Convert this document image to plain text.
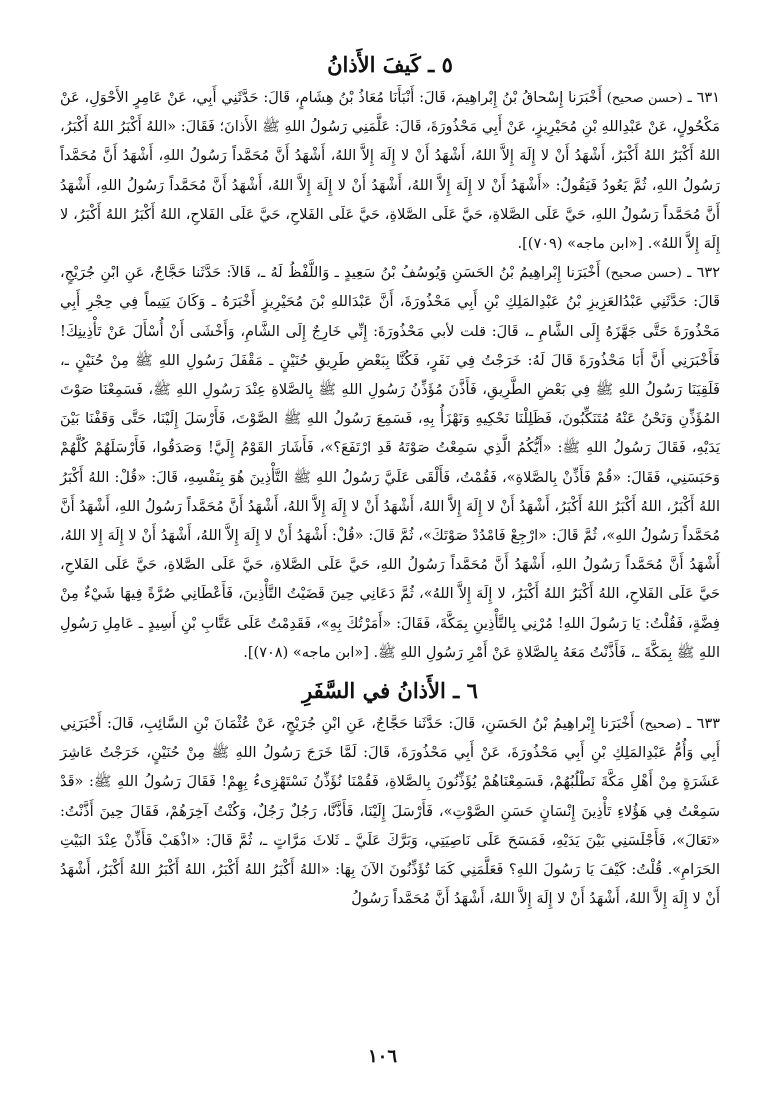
٥ ـ كَيفَ الأَذانُ

٦٣١ ـ (حسن صحيح) أَخْبَرَنا إِسْحاقُ بْنُ إِبْراهِيمَ، قَالَ: أَنْبَأَنَا مُعَاذُ بْنُ هِشَامٍ، قَالَ: حَدَّثَنِي أَبِي، عَنْ عَامِرٍ الأَحْوَلِ، عَنْ مَكْحُولٍ، عَنْ عَبْدِاللهِ بْنِ مُحَيْرِيزٍ، عَنْ أَبِي مَحْذُورَةَ، قَالَ: عَلَّمَنِي رَسُولُ اللهِ ﷺ الأَذانَ؛ فَقَالَ: «اللهُ أَكْبَرُ اللهُ أَكْبَرُ، اللهُ أَكْبَرُ اللهُ أَكْبَرُ، أَشْهَدُ أَنْ لا إِلَهَ إِلاَّ اللهُ، أَشْهَدُ أَنْ لا إِلَهَ إِلاَّ اللهُ، أَشْهَدُ أَنَّ مُحَمَّداً رَسُولُ اللهِ، أَشْهَدُ أَنَّ مُحَمَّداً رَسُولُ اللهِ، ثُمَّ يَعُودُ فَيَقُولُ: «أَشْهَدُ أَنْ لا إِلَهَ إِلاَّ اللهُ، أَشْهَدُ أَنْ لا إِلَهَ إِلاَّ اللهُ، أَشْهَدُ أَنَّ مُحَمَّداً رَسُولُ اللهِ، أَشْهَدُ أَنَّ مُحَمَّداً رَسُولُ اللهِ، حَيَّ عَلَى الصَّلاةِ، حَيَّ عَلَى الصَّلاةِ، حَيَّ عَلَى الفَلاحِ، حَيَّ عَلَى الفَلاحِ، اللهُ أَكْبَرُ اللهُ أَكْبَرُ، لا إِلَهَ إِلاَّ اللهُ». [«ابن ماجه» (٧٠٩)].

٦٣٢ ـ (حسن صحيح) أَخْبَرَنا إِبْراهِيمُ بْنُ الحَسَنِ وَيُوسُفُ بْنُ سَعِيدٍ ـ وَاللَّفْظُ لَهُ ـ، قَالاَ: حَدَّثَنا حَجَّاجٌ، عَنِ ابْنِ جُرَيْجٍ، قَالَ: حَدَّثَنِي عَبْدُالعَزِيزِ بْنُ عَبْدِالمَلِكِ بْنِ أَبِي مَحْذُورَةَ، أَنَّ عَبْدَاللهِ بْنَ مُحَيْرِيزٍ أَخْبَرَهُ ـ وَكَانَ يَتِيماً فِي حِجْرِ أَبِي مَحْذُورَةَ حَتَّى جَهَّزَهُ إِلَى الشَّامِ ـ، قَالَ: قلت لأبي مَحْذُورَةَ: إِنِّي خَارِجٌ إِلَى الشَّامِ، وَأَخْشَى أَنْ أُسْأَلَ عَنْ تَأْذِينِكَ! فَأَخْبَرَنِي أَنَّ أَبَا مَحْذُورَةَ قَالَ لَهُ: خَرَجْتُ فِي نَفَرٍ، فَكُنَّا بِبَعْضِ طَرِيقِ حُنَيْنٍ ـ مَقْفَلَ رَسُولِ اللهِ ﷺ مِنْ حُنَيْنٍ ـ، فَلَقِيَنَا رَسُولُ اللهِ ﷺ فِي بَعْضِ الطَّرِيقِ، فَأَذَّنَ مُؤَذِّنُ رَسُولِ اللهِ ﷺ بِالصَّلاةِ عِنْدَ رَسُولِ اللهِ ﷺ، فَسَمِعْنَا صَوْتَ المُؤَذِّنِ وَنَحْنُ عَنْهُ مُتَنَكِّبُونَ، فَظَلِلْنَا نَحْكِيهِ وَنَهْزَأُ بِهِ، فَسَمِعَ رَسُولُ اللهِ ﷺ الصَّوْتَ، فَأَرْسَلَ إِلَيْنَا، حَتَّى وَقَفْنَا بَيْنَ يَدَيْهِ، فَقَالَ رَسُولُ اللهِ ﷺ: «أَيُّكُمُ الَّذِي سَمِعْتُ صَوْتَهُ قَدِ ارْتَفَعَ؟»، فَأَشَارَ القَوْمُ إِلَيَّ! وَصَدَقُوا، فَأَرْسَلَهُمْ كُلَّهُمْ وَحَبَسَنِي، فَقَالَ: «قُمْ فَأَذِّنْ بِالصَّلاةِ»، فَقُمْتُ، فَأَلْقَى عَلَيَّ رَسُولُ اللهِ ﷺ التَّأْذِينَ هُوَ بِنَفْسِهِ، قَالَ: «قُلْ: اللهُ أَكْبَرُ اللهُ أَكْبَرُ، اللهُ أَكْبَرُ اللهُ أَكْبَرُ، أَشْهَدُ أَنْ لا إِلَهَ إِلاَّ اللهُ، أَشْهَدُ أَنْ لا إِلَهَ إِلاَّ اللهُ، أَشْهَدُ أَنَّ مُحَمَّداً رَسُولُ اللهِ، أَشْهَدُ أَنَّ مُحَمَّداً رَسُولُ اللهِ»، ثُمَّ قَالَ: «ارْجِعْ فَامْدُدْ صَوْتَكَ»، ثُمَّ قَالَ: «قُلْ: أَشْهَدُ أَنْ لا إِلَهَ إِلاَّ اللهُ، أَشْهَدُ أَنْ لا إِلَهَ إِلا اللهُ، أَشْهَدُ أَنَّ مُحَمَّداً رَسُولُ اللهِ، أَشْهَدُ أَنَّ مُحَمَّداً رَسُولُ اللهِ، حَيَّ عَلَى الصَّلاةِ، حَيَّ عَلَى الصَّلاةِ، حَيَّ عَلَى الفَلاحِ، حَيَّ عَلَى الفَلاحِ، اللهُ أَكْبَرُ اللهُ أَكْبَرُ، لا إِلَهَ إِلاَّ اللهُ»، ثُمَّ دَعَانِي حِينَ قَضَيْتُ التَّأْذِينَ، فَأَعْطَانِي صُرَّةً فِيهَا شَيْءٌ مِنْ فِضَّةٍ، فَقُلْتُ: يَا رَسُولَ اللهِ! مُرْنِي بِالتَّأْذِينِ بِمَكَّةَ، فَقَالَ: «أَمَرْتُكَ بِهِ»، فَقَدِمْتُ عَلَى عَتَّابِ بْنِ أَسِيدٍ ـ عَامِلِ رَسُولِ اللهِ ﷺ بِمَكَّةَ ـ، فَأَذَّنْتُ مَعَهُ بِالصَّلاةِ عَنْ أَمْرِ رَسُولِ اللهِ ﷺ. [«ابن ماجه» (٧٠٨)].

٦ ـ الأَذانُ في السَّفَرِ

٦٣٣ ـ (صحيح) أَخْبَرَنا إِبْراهِيمُ بْنُ الحَسَنِ، قَالَ: حَدَّثَنا حَجَّاجٌ، عَنِ ابْنِ جُرَيْجٍ، عَنْ عُثْمَانَ بْنِ السَّائِبِ، قَالَ: أَخْبَرَنِي أَبِي وَأُمُّ عَبْدِالمَلِكِ بْنِ أَبِي مَحْذُورَةَ، عَنْ أَبِي مَحْذُورَةَ، قَالَ: لَمَّا خَرَجَ رَسُولُ اللهِ ﷺ مِنْ حُنَيْنٍ، خَرَجْتُ عَاشِرَ عَشَرَةٍ مِنْ أَهْلِ مَكَّةَ نَطْلُبُهُمْ، فَسَمِعْنَاهُمْ يُؤَذِّنُونَ بِالصَّلاةِ، فَقُمْنَا نُؤَذِّنُ نَسْتَهْزِىءُ بِهِمْ! فَقَالَ رَسُولُ اللهِ ﷺ: «قَدْ سَمِعْتُ فِي هَؤُلاءِ تَأْذِينَ إِنْسَانٍ حَسَنِ الصَّوْتِ»، فَأَرْسَلَ إِلَيْنَا، فَأَذَّنَّا، رَجُلٌ رَجُلٌ، وَكُنْتُ آخِرَهُمْ، فَقَالَ حِينَ أَذَّنْتُ: «تَعَالَ»، فَأَجْلَسَنِي بَيْنَ يَدَيْهِ، فَمَسَحَ عَلَى نَاصِيَتِي، وَبَرَّكَ عَلَيَّ ـ ثَلاثَ مَرَّاتٍ ـ، ثُمَّ قَالَ: «اذْهَبْ فَأَذِّنْ عِنْدَ البَيْتِ الحَرَامِ». قُلْتُ: كَيْفَ يَا رَسُولَ اللهِ؟ فَعَلَّمَنِي كَمَا تُؤَذِّنُونَ الآنَ بِهَا: «اللهُ أَكْبَرُ اللهُ أَكْبَرُ، اللهُ أَكْبَرُ اللهُ أَكْبَرُ، أَشْهَدُ أَنْ لا إِلَهَ إِلاَّ اللهُ، أَشْهَدُ أَنْ لا إِلَهَ إِلاَّ اللهُ، أَشْهَدُ أَنَّ مُحَمَّداً رَسُولُ

١٠٦
